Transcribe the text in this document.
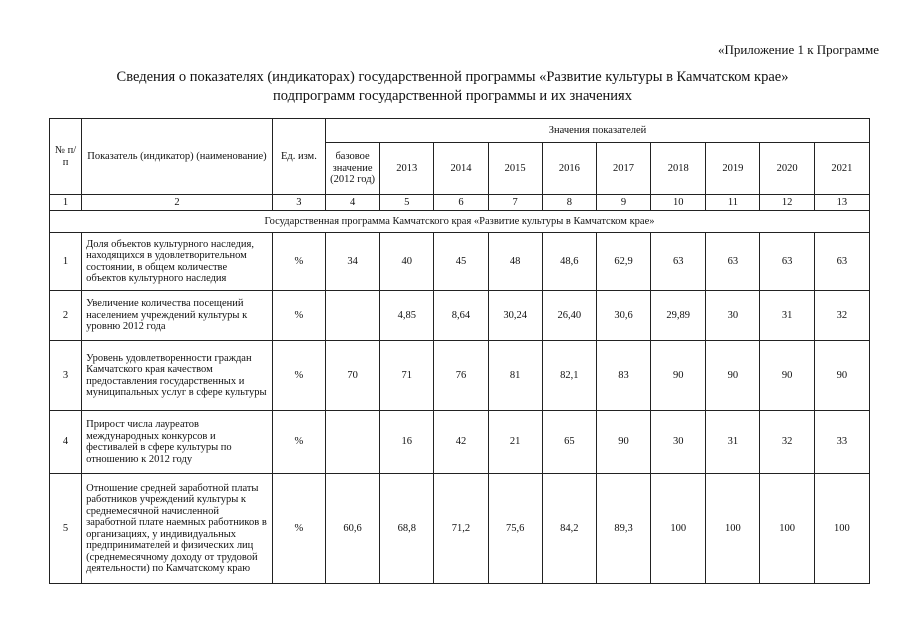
«Приложение 1 к Программе
Сведения о показателях (индикаторах) государственной программы «Развитие культуры в Камчатском крае»
подпрограмм государственной программы и их значениях
№ п/п	Показатель (индикатор) (наименование)	Ед. изм.	Значения показателей									
			базовое значение (2012 год)	2013	2014	2015	2016	2017	2018	2019	2020	2021
1	2	3	4	5	6	7	8	9	10	11	12	13
Государственная программа Камчатского края «Развитие культуры в Камчатском крае»												
1	Доля объектов культурного наследия, находящихся в удовлетворительном состоянии, в общем количестве объектов культурного наследия	%	34	40	45	48	48,6	62,9	63	63	63	63
2	Увеличение количества посещений населением учреждений культуры к уровню 2012 года	%		4,85	8,64	30,24	26,40	30,6	29,89	30	31	32
3	Уровень удовлетворенности граждан Камчатского края качеством предоставления государственных и муниципальных услуг в сфере культуры	%	70	71	76	81	82,1	83	90	90	90	90
4	Прирост числа лауреатов международных конкурсов и фестивалей в сфере культуры по отношению к 2012 году	%		16	42	21	65	90	30	31	32	33
5	Отношение средней заработной платы работников учреждений культуры к среднемесячной начисленной заработной плате наемных работников в организациях, у индивидуальных предпринимателей и физических лиц (среднемесячному доходу от трудовой деятельности) по Камчатскому краю	%	60,6	68,8	71,2	75,6	84,2	89,3	100	100	100	100
